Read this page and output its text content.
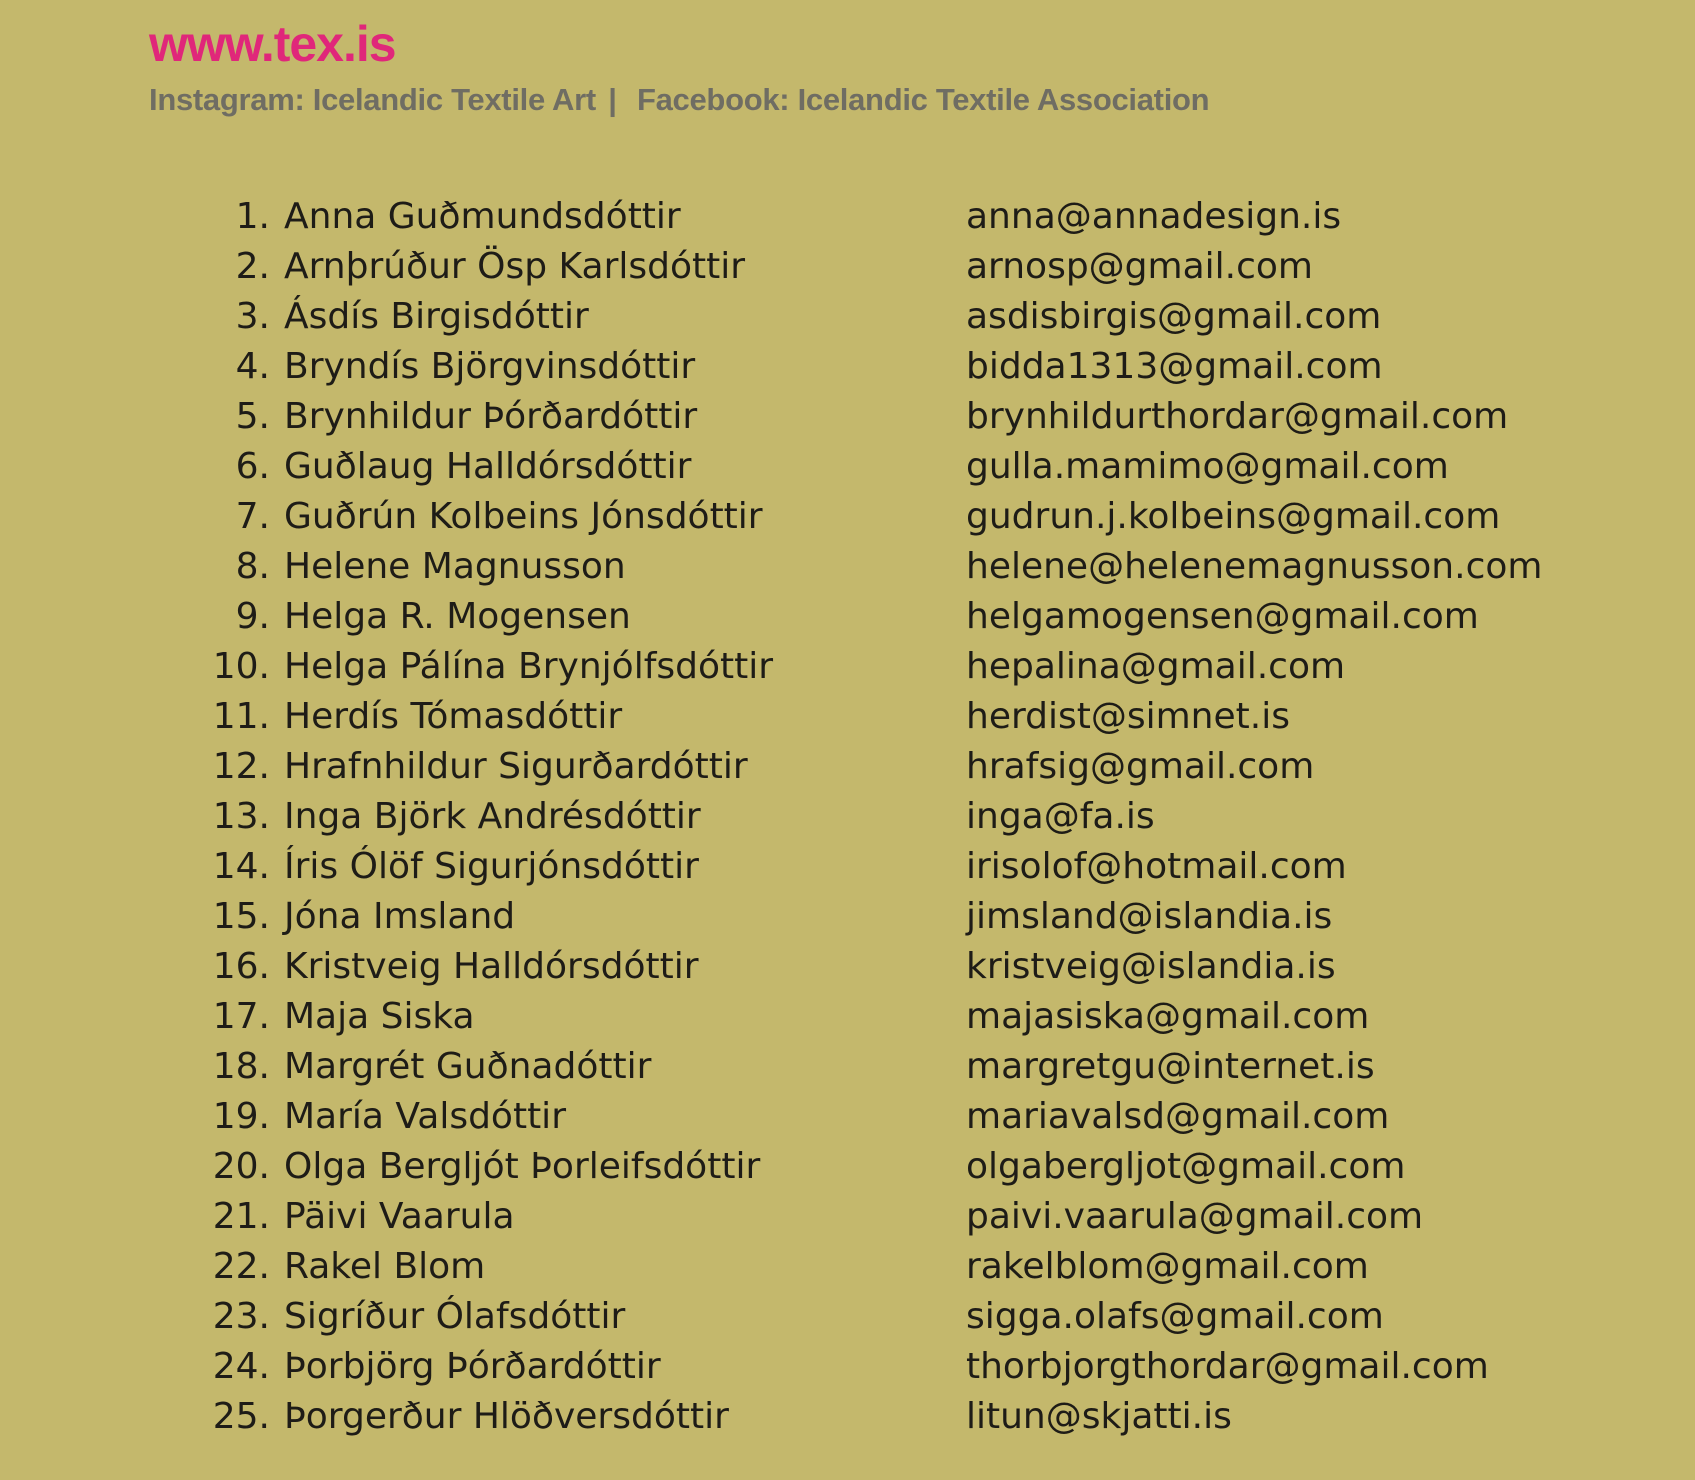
www.tex.is
Instagram: Icelandic Textile Art | Facebook: Icelandic Textile Association
1. Anna Guðmundsdóttir	anna@annadesign.is
2. Arnþrúður Ösp Karlsdóttir	arnosp@gmail.com
3. Ásdís Birgisdóttir	asdisbirgis@gmail.com
4. Bryndís Björgvinsdóttir	bidda1313@gmail.com
5. Brynhildur Þórðardóttir	brynhildurthordar@gmail.com
6. Guðlaug Halldórsdóttir	gulla.mamimo@gmail.com
7. Guðrún Kolbeins Jónsdóttir	gudrun.j.kolbeins@gmail.com
8. Helene Magnusson	helene@helenemagnusson.com
9. Helga R. Mogensen	helgamogensen@gmail.com
10. Helga Pálína Brynjólfsdóttir	hepalina@gmail.com
11. Herdís Tómasdóttir	herdist@simnet.is
12. Hrafnhildur Sigurðardóttir	hrafsig@gmail.com
13. Inga Björk Andrésdóttir	inga@fa.is
14. Íris Ólöf Sigurjónsdóttir	irisolof@hotmail.com
15. Jóna Imsland	jimsland@islandia.is
16. Kristveig Halldórsdóttir	kristveig@islandia.is
17. Maja Siska	majasiska@gmail.com
18. Margrét Guðnadóttir	margretgu@internet.is
19. María Valsdóttir	mariavalsd@gmail.com
20. Olga Bergljót Þorleifsdóttir	olgabergljot@gmail.com
21. Päivi Vaarula	paivi.vaarula@gmail.com
22. Rakel Blom	rakelblom@gmail.com
23. Sigríður Ólafsdóttir	sigga.olafs@gmail.com
24. Þorbjörg Þórðardóttir	thorbjorgthordar@gmail.com
25. Þorgerður Hlöðversdóttir	litun@skjatti.is
